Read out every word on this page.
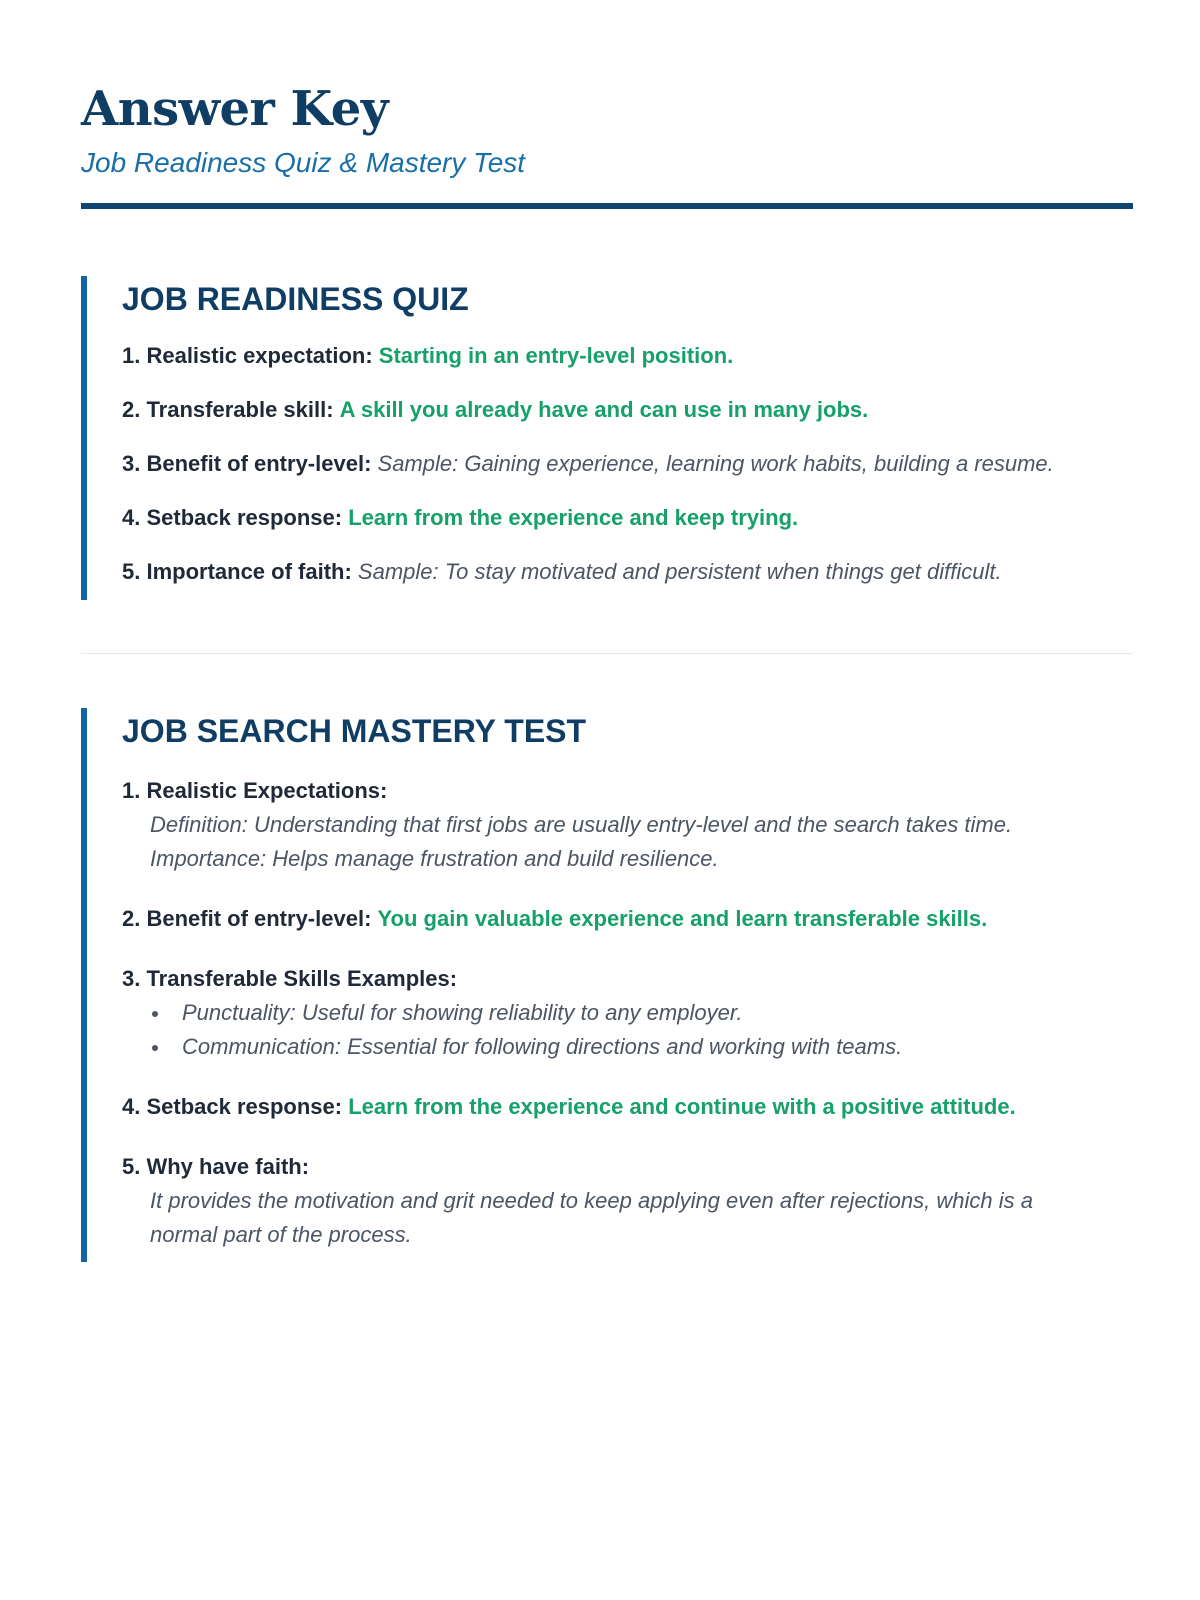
Answer Key

Job Readiness Quiz & Mastery Test

JOB READINESS QUIZ
1. Realistic expectation: Starting in an entry-level position.
2. Transferable skill: A skill you already have and can use in many jobs.
3. Benefit of entry-level: Sample: Gaining experience, learning work habits, building a resume.
4. Setback response: Learn from the experience and keep trying.
5. Importance of faith: Sample: To stay motivated and persistent when things get difficult.
JOB SEARCH MASTERY TEST
1. Realistic Expectations:
Definition: Understanding that first jobs are usually entry-level and the search takes time.
Importance: Helps manage frustration and build resilience.
2. Benefit of entry-level: You gain valuable experience and learn transferable skills.
3. Transferable Skills Examples:
Punctuality: Useful for showing reliability to any employer.
Communication: Essential for following directions and working with teams.
4. Setback response: Learn from the experience and continue with a positive attitude.
5. Why have faith:
It provides the motivation and grit needed to keep applying even after rejections, which is a normal part of the process.
